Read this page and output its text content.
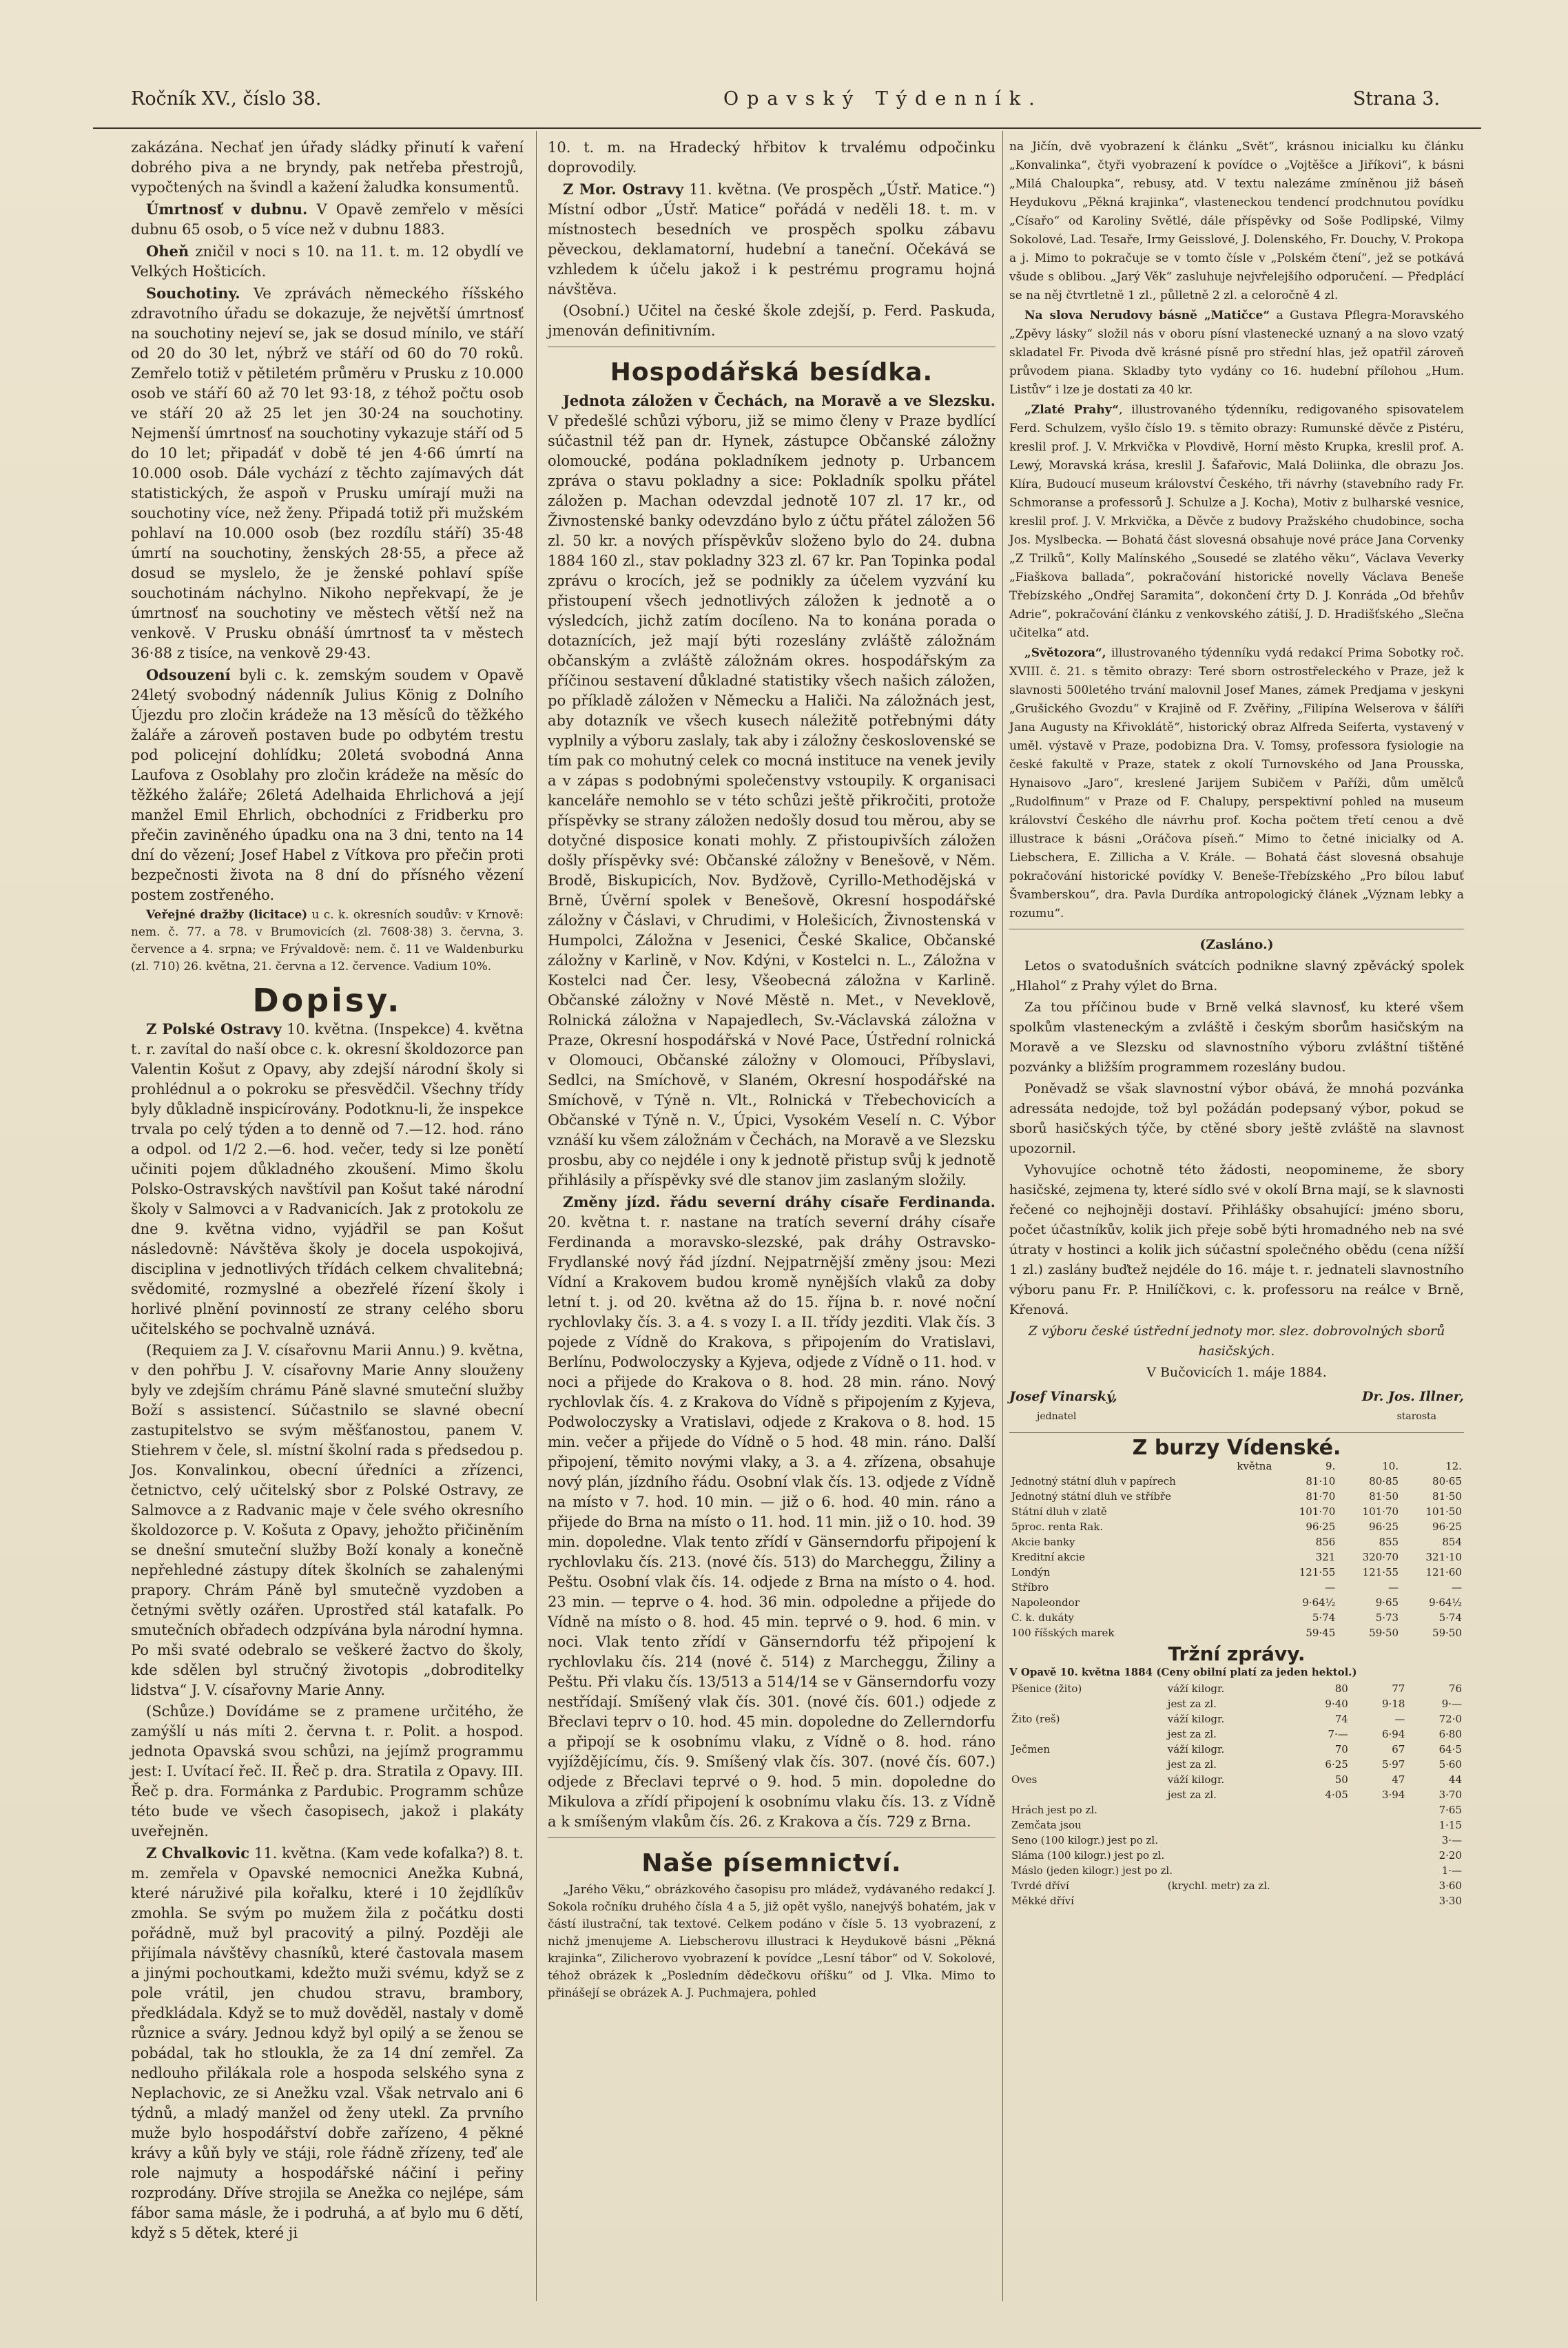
Ročník XV., číslo 38.	Opavský Týdenník.	Strana 3.

zakázána. Nechať jen úřady sládky přinutí k vaření dobrého piva a ne bryndy, pak netřeba přestrojů, vypočtených na švindl a kažení žaludka konsumentů.

Úmrtnosť v dubnu. V Opavě zemřelo v měsíci dubnu 65 osob, o 5 více než v dubnu 1883.

Oheň zničil v noci s 10. na 11. t. m. 12 obydlí ve Velkých Hošticích.

Souchotiny. Ve zprávách německého říšského zdravotního úřadu se dokazuje, že největší úmrtnosť na souchotiny nejeví se, jak se dosud mínilo, ve stáří od 20 do 30 let, nýbrž ve stáří od 60 do 70 roků. Zemřelo totiž v pětiletém průměru v Prusku z 10.000 osob ve stáří 60 až 70 let 93·18, z téhož počtu osob ve stáří 20 až 25 let jen 30·24 na souchotiny. Nejmenší úmrtnosť na souchotiny vykazuje stáří od 5 do 10 let; připadáť v době té jen 4·66 úmrtí na 10.000 osob. Dále vychází z těchto zajímavých dát statistických, že aspoň v Prusku umírají muži na souchotiny více, než ženy. Připadá totiž při mužském pohlaví na 10.000 osob (bez rozdílu stáří) 35·48 úmrtí na souchotiny, ženských 28·55, a přece až dosud se myslelo, že je ženské pohlaví spíše souchotinám náchylno. Nikoho nepřekvapí, že je úmrtnosť na souchotiny ve městech větší než na venkově. V Prusku obnáší úmrtnosť ta v městech 36·88 z tisíce, na venkově 29·43.

Odsouzení byli c. k. zemským soudem v Opavě 24letý svobodný nádenník Julius König z Dolního Újezdu pro zločin krádeže na 13 měsíců do těžkého žaláře a zároveň postaven bude po odbytém trestu pod policejní dohlídku; 20letá svobodná Anna Laufova z Osoblahy pro zločin krádeže na měsíc do těžkého žaláře; 26letá Adelhaida Ehrlichová a její manžel Emil Ehrlich, obchodníci z Fridberku pro přečin zaviněného úpadku ona na 3 dni, tento na 14 dní do vězení; Josef Habel z Vítkova pro přečin proti bezpečnosti života na 8 dní do přísného vězení postem zostřeného.

Veřejné dražby (licitace) u c. k. okresních soudův: v Krnově: nem. č. 77. a 78. v Brumovicích (zl. 7608·38) 3. června, 3. července a 4. srpna; ve Frývaldově: nem. č. 11 ve Waldenburku (zl. 710) 26. května, 21. června a 12. července. Vadium 10%.

Dopisy.

Z Polské Ostravy 10. května. (Inspekce) 4. května t. r. zavítal do naší obce c. k. okresní školdozorce pan Valentin Košut z Opavy, aby zdejší národní školy si prohlédnul a o pokroku se přesvědčil. Všechny třídy byly důkladně inspicírovány. Podotknu-li, že inspekce trvala po celý týden a to denně od 7.—12. hod. ráno a odpol. od 1/2 2.—6. hod. večer, tedy si lze ponětí učiniti pojem důkladného zkoušení. Mimo školu Polsko-Ostravských navštívil pan Košut také národní školy v Salmovci a v Radvanicích. Jak z protokolu ze dne 9. května vidno, vyjádřil se pan Košut následovně: Návštěva školy je docela uspokojivá, disciplina v jednotlivých třídách celkem chvalitebná; svědomité, rozmyslné a obezřelé řízení školy i horlivé plnění povinností ze strany celého sboru učitelského se pochvalně uznává.

(Requiem za J. V. císařovnu Marii Annu.) 9. května, v den pohřbu J. V. císařovny Marie Anny slouženy byly ve zdejším chrámu Páně slavné smuteční služby Boží s assistencí. Súčastnilo se slavné obecní zastupitelstvo se svým měšťanostou, panem V. Stiehrem v čele, sl. místní školní rada s předsedou p. Jos. Konvalinkou, obecní úředníci a zřízenci, četnictvo, celý učitelský sbor z Polské Ostravy, ze Salmovce a z Radvanic maje v čele svého okresního školdozorce p. V. Košuta z Opavy, jehožto přičiněním se dnešní smuteční služby Boží konaly a konečně nepřehledné zástupy dítek školních se zahalenými prapory. Chrám Páně byl smutečně vyzdoben a četnými světly ozářen. Uprostřed stál katafalk. Po smutečních obřadech odzpívána byla národní hymna. Po mši svaté odebralo se veškeré žactvo do školy, kde sdělen byl stručný životopis „dobroditelky lidstva“ J. V. císařovny Marie Anny.

(Schůze.) Dovídáme se z pramene určitého, že zamýšlí u nás míti 2. června t. r. Polit. a hospod. jednota Opavská svou schůzi, na jejímž programmu jest: I. Uvítací řeč. II. Řeč p. dra. Stratila z Opavy. III. Řeč p. dra. Formánka z Pardubic. Programm schůze této bude ve všech časopisech, jakož i plakáty uveřejněn.

Z Chvalkovic 11. května. (Kam vede kofalka?) 8. t. m. zemřela v Opavské nemocnici Anežka Kubná, které náruživé pila kořalku, které i 10 žejdlíkův zmohla. Se svým po mužem žila z počátku dosti pořádně, muž byl pracovitý a pilný. Později ale přijímala návštěvy chasníků, které častovala masem a jinými pochoutkami, kdežto muži svému, když se z pole vrátil, jen chudou stravu, brambory, předkládala. Když se to muž dověděl, nastaly v domě různice a sváry. Jednou když byl opilý a se ženou se pobádal, tak ho stloukla, že za 14 dní zemřel. Za nedlouho přilákala role a hospoda selského syna z Neplachovic, ze si Anežku vzal. Však netrvalo ani 6 týdnů, a mladý manžel od ženy utekl. Za prvního muže bylo hospodářství dobře zařízeno, 4 pěkné krávy a kůň byly ve stáji, role řádně zřízeny, teď ale role najmuty a hospodářské náčiní i peřiny rozprodány. Dříve strojila se Anežka co nejlépe, sám fábor sama másle, že i podruhá, a ať bylo mu 6 dětí, když s 5 dětek, které ji

10. t. m. na Hradecký hřbitov k trvalému odpočinku doprovodily.

Z Mor. Ostravy 11. května. (Ve prospěch „Ústř. Matice.“) Místní odbor „Ústř. Matice“ pořádá v neděli 18. t. m. v místnostech besedních ve prospěch spolku zábavu pěveckou, deklamatorní, hudební a taneční. Očekává se vzhledem k účelu jakož i k pestrému programu hojná návštěva.

(Osobní.) Učitel na české škole zdejší, p. Ferd. Paskuda, jmenován definitivním.

Hospodářská besídka.

Jednota záložen v Čechách, na Moravě a ve Slezsku. V předešlé schůzi výboru, již se mimo členy v Praze bydlící súčastnil též pan dr. Hynek, zástupce Občanské záložny olomoucké, podána pokladníkem jednoty p. Urbancem zpráva o stavu pokladny a sice: Pokladník spolku přátel záložen p. Machan odevzdal jednotě 107 zl. 17 kr., od Živnostenské banky odevzdáno bylo z účtu přátel záložen 56 zl. 50 kr. a nových příspěvkův složeno bylo do 24. dubna 1884 160 zl., stav pokladny 323 zl. 67 kr. Pan Topinka podal zprávu o krocích, jež se podnikly za účelem vyzvání ku přistoupení všech jednotlivých záložen k jednotě a o výsledcích, jichž zatím docíleno. Na to konána porada o dotaznících, jež mají býti rozeslány zvláště záložnám občanským a zvláště záložnám okres. hospodářským za příčinou sestavení důkladné statistiky všech našich záložen, po příkladě záložen v Německu a Haliči. Na záložnách jest, aby dotazník ve všech kusech náležitě potřebnými dáty vyplnily a výboru zaslaly, tak aby i záložny československé se tím pak co mohutný celek co mocná instituce na venek jevily a v zápas s podobnými společenstvy vstoupily. K organisaci kanceláře nemohlo se v této schůzi ještě přikročiti, protože příspěvky se strany záložen nedošly dosud tou měrou, aby se dotyčné disposice konati mohly. Z přistoupivších záložen došly příspěvky své: Občanské záložny v Benešově, v Něm. Brodě, Biskupicích, Nov. Bydžově, Cyrillo-Methodějská v Brně, Úvěrní spolek v Benešově, Okresní hospodářské záložny v Čáslavi, v Chrudimi, v Holešicích, Živnostenská v Humpolci, Záložna v Jesenici, České Skalice, Občanské záložny v Karlině, v Nov. Kdýni, v Kostelci n. L., Záložna v Kostelci nad Čer. lesy, Všeobecná záložna v Karlině. Občanské záložny v Nové Městě n. Met., v Neveklově, Rolnická záložna v Napajedlech, Sv.-Václavská záložna v Praze, Okresní hospodářská v Nové Pace, Ústřední rolnická v Olomouci, Občanské záložny v Olomouci, Příbyslavi, Sedlci, na Smíchově, v Slaném, Okresní hospodářské na Smíchově, v Týně n. Vlt., Rolnická v Třebechovicích a Občanské v Týně n. V., Úpici, Vysokém Veselí n. C. Výbor vznáší ku všem záložnám v Čechách, na Moravě a ve Slezsku prosbu, aby co nejdéle i ony k jednotě přistup svůj k jednotě přihlásily a příspěvky své dle stanov jim zaslaným složily.

Změny jízd. řádu severní dráhy císaře Ferdinanda. 20. května t. r. nastane na tratích severní dráhy císaře Ferdinanda a moravsko-slezské, pak dráhy Ostravsko-Frydlanské nový řád jízdní. Nejpatrnější změny jsou: Mezi Vídní a Krakovem budou kromě nynějších vlaků za doby letní t. j. od 20. května až do 15. října b. r. nové noční rychlovlaky čís. 3. a 4. s vozy I. a II. třídy jezditi. Vlak čís. 3 pojede z Vídně do Krakova, s připojením do Vratislavi, Berlínu, Podwoloczysky a Kyjeva, odjede z Vídně o 11. hod. v noci a přijede do Krakova o 8. hod. 28 min. ráno. Nový rychlovlak čís. 4. z Krakova do Vídně s připojením z Kyjeva, Podwoloczysky a Vratislavi, odjede z Krakova o 8. hod. 15 min. večer a přijede do Vídně o 5 hod. 48 min. ráno. Další připojení, těmito novými vlaky, a 3. a 4. zřízena, obsahuje nový plán, jízdního řádu. Osobní vlak čís. 13. odjede z Vídně na místo v 7. hod. 10 min. — již o 6. hod. 40 min. ráno a přijede do Brna na místo o 11. hod. 11 min. již o 10. hod. 39 min. dopoledne. Vlak tento zřídí v Gänserndorfu připojení k rychlovlaku čís. 213. (nové čís. 513) do Marcheggu, Žiliny a Peštu. Osobní vlak čís. 14. odjede z Brna na místo o 4. hod. 23 min. — teprve o 4. hod. 36 min. odpoledne a přijede do Vídně na místo o 8. hod. 45 min. teprvé o 9. hod. 6 min. v noci. Vlak tento zřídí v Gänserndorfu též připojení k rychlovlaku čís. 214 (nové č. 514) z Marcheggu, Žiliny a Peštu. Při vlaku čís. 13/513 a 514/14 se v Gänserndorfu vozy nestřídají. Smíšený vlak čís. 301. (nové čís. 601.) odjede z Břeclavi teprv o 10. hod. 45 min. dopoledne do Zellerndorfu a připojí se k osobnímu vlaku, z Vídně o 8. hod. ráno vyjíždějícímu, čís. 9. Smíšený vlak čís. 307. (nové čís. 607.) odjede z Břeclavi teprvé o 9. hod. 5 min. dopoledne do Mikulova a zřídí připojení k osobnímu vlaku čís. 13. z Vídně a k smíšeným vlakům čís. 26. z Krakova a čís. 729 z Brna.

Naše písemnictví.

„Jarého Věku,“ obrázkového časopisu pro mládež, vydávaného redakcí J. Sokola ročníku druhého čísla 4 a 5, již opět vyšlo, nanejvýš bohatém, jak v částí ilustrační, tak textové. Celkem podáno v čísle 5. 13 vyobrazení, z nichž jmenujeme A. Liebscherovu illustraci k Heydukově básni „Pěkná krajinka“, Zilicherovo vyobrazení k povídce „Lesní tábor“ od V. Sokolové, téhož obrázek k „Posledním dědečkovu oříšku“ od J. Vlka. Mimo to přinášejí se obrázek A. J. Puchmajera, pohled

na Jičín, dvě vyobrazení k článku „Svět“, krásnou inicialku ku článku „Konvalinka“, čtyři vyobrazení k povídce o „Vojtěšce a Jiříkovi“, k básni „Milá Chaloupka“, rebusy, atd. V textu nalezáme zmíněnou již báseň Heydukovu „Pěkná krajinka“, vlasteneckou tendencí prodchnutou povídku „Císařo“ od Karoliny Světlé, dále příspěvky od Soše Podlipské, Vilmy Sokolové, Lad. Tesaře, Irmy Geisslové, J. Dolenského, Fr. Douchy, V. Prokopa a j. Mimo to pokračuje se v tomto čísle v „Polském čtení“, jež se potkává všude s oblibou. „Jarý Věk“ zasluhuje nejvřelejšího odporučení. — Předplácí se na něj čtvrtletně 1 zl., půlletně 2 zl. a celoročně 4 zl.

Na slova Nerudovy básně „Matičce“ a Gustava Pflegra-Moravského „Zpěvy lásky“ složil nás v oboru písní vlastenecké uznaný a na slovo vzatý skladatel Fr. Pivoda dvě krásné písně pro střední hlas, jež opatřil zároveň průvodem piana. Skladby tyto vydány co 16. hudební přílohou „Hum. Listův“ i lze je dostati za 40 kr.

„Zlaté Prahy“, illustrovaného týdenníku, redigovaného spisovatelem Ferd. Schulzem, vyšlo číslo 19. s těmito obrazy: Rumunské děvče z Pistéru, kreslil prof. J. V. Mrkvička v Plovdivě, Horní město Krupka, kreslil prof. A. Lewý, Moravská krása, kreslil J. Šafařovic, Malá Doliinka, dle obrazu Jos. Klíra, Budoucí museum království Českého, tři návrhy (stavebního rady Fr. Schmoranse a professorů J. Schulze a J. Kocha), Motiv z bulharské vesnice, kreslil prof. J. V. Mrkvička, a Děvče z budovy Pražského chudobince, socha Jos. Myslbecka. — Bohatá část slovesná obsahuje nové práce Jana Corvenky „Z Trilků“, Kolly Malínského „Sousedé se zlatého věku“, Václava Veverky „Fiaškova ballada“, pokračování historické novelly Václava Beneše Třebízského „Ondřej Saramita“, dokončení črty D. J. Konráda „Od břehův Adrie“, pokračování článku z venkovského zátiší, J. D. Hradišťského „Slečna učitelka“ atd.

„Světozora“, illustrovaného týdenníku vydá redakcí Prima Sobotky roč. XVIII. č. 21. s těmito obrazy: Teré sborn ostrostřeleckého v Praze, jež k slavnosti 500letého trvání malovnil Josef Manes, zámek Predjama v jeskyni „Grušického Gvozdu“ v Krajině od F. Zvěřiny, „Filipína Welserova v šálíři Jana Augusty na Křivoklátě“, historický obraz Alfreda Seiferta, vystavený v uměl. výstavě v Praze, podobizna Dra. V. Tomsy, professora fysiologie na české fakultě v Praze, statek z okolí Turnovského od Jana Prousska, Hynaisovo „Jaro“, kreslené Jarijem Subičem v Paříži, dům umělců „Rudolfinum“ v Praze od F. Chalupy, perspektivní pohled na museum království Českého dle návrhu prof. Kocha počtem třetí cenou a dvě illustrace k básni „Oráčova píseň.“ Mimo to četné inicialky od A. Liebschera, E. Zillicha a V. Krále. — Bohatá část slovesná obsahuje pokračování historické povídky V. Beneše-Třebízského „Pro bílou labuť Švamberskou“, dra. Pavla Durdíka antropologický článek „Význam lebky a rozumu“.

(Zasláno.)

Letos o svatodušních svátcích podnikne slavný zpěvácký spolek „Hlahol“ z Prahy výlet do Brna.

Za tou příčinou bude v Brně velká slavnosť, ku které všem spolkům vlasteneckým a zvláště i českým sborům hasičským na Moravě a ve Slezsku od slavnostního výboru zvláštní tištěné pozvánky a bližším programmem rozeslány budou.

Poněvadž se však slavnostní výbor obává, že mnohá pozvánka adressáta nedojde, tož byl požádán podepsaný výbor, pokud se sborů hasičských týče, by ctěné sbory ještě zvláště na slavnost upozornil.

Vyhovujíce ochotně této žádosti, neopomineme, že sbory hasičské, zejmena ty, které sídlo své v okolí Brna mají, se k slavnosti řečené co nejhojněji dostaví. Přihlášky obsahující: jméno sboru, počet účastníkův, kolik jich přeje sobě býti hromadného neb na své útraty v hostinci a kolik jich súčastní společného obědu (cena nížší 1 zl.) zaslány buďtež nejdéle do 16. máje t. r. jednateli slavnostního výboru panu Fr. P. Hnilíčkovi, c. k. professoru na reálce v Brně, Křenová.

Z výboru české ústřední jednoty mor. slez. dobrovolných sborů hasičských.

V Bučovicích 1. máje 1884.

Josef Vinarský,	Dr. Jos. Illner,
jednatel	starosta
Z burzy Vídenské.
května	9.	10.	12.
Jednotný státní dluh v papírech	81·10	80·85	80·65
Jednotný státní dluh ve stříbře	81·70	81·50	81·50
Státní dluh v zlatě	101·70	101·70	101·50
5proc. renta Rak.	96·25	96·25	96·25
Akcie banky	856	855	854
Kreditní akcie	321	320·70	321·10
Londýn	121·55	121·55	121·60
Stříbro	—	—	—
Napoleondor	9·64½	9·65	9·64½
C. k. dukáty	5·74	5·73	5·74
100 říšských marek	59·45	59·50	59·50
Tržní zprávy.

V Opavě 10. května 1884 (Ceny obilní platí za jeden hektol.)

Pšenice (žito)	váží kilogr.	80	77	76
	jest za zl.	9·40	9·18	9·—
Žito (reš)	váží kilogr.	74	—	72·0
	jest za zl.	7·—	6·94	6·80
Ječmen	váží kilogr.	70	67	64·5
	jest za zl.	6·25	5·97	5·60
Oves	váží kilogr.	50	47	44
	jest za zl.	4·05	3·94	3·70
Hrách jest po zl.				7·65
Zemčata jsou				1·15
Seno (100 kilogr.) jest po zl.				3·—
Sláma (100 kilogr.) jest po zl.				2·20
Máslo (jeden kilogr.) jest po zl.				1·—
Tvrdé dříví	(krychl. metr) za zl.			3·60
Měkké dříví				3·30
